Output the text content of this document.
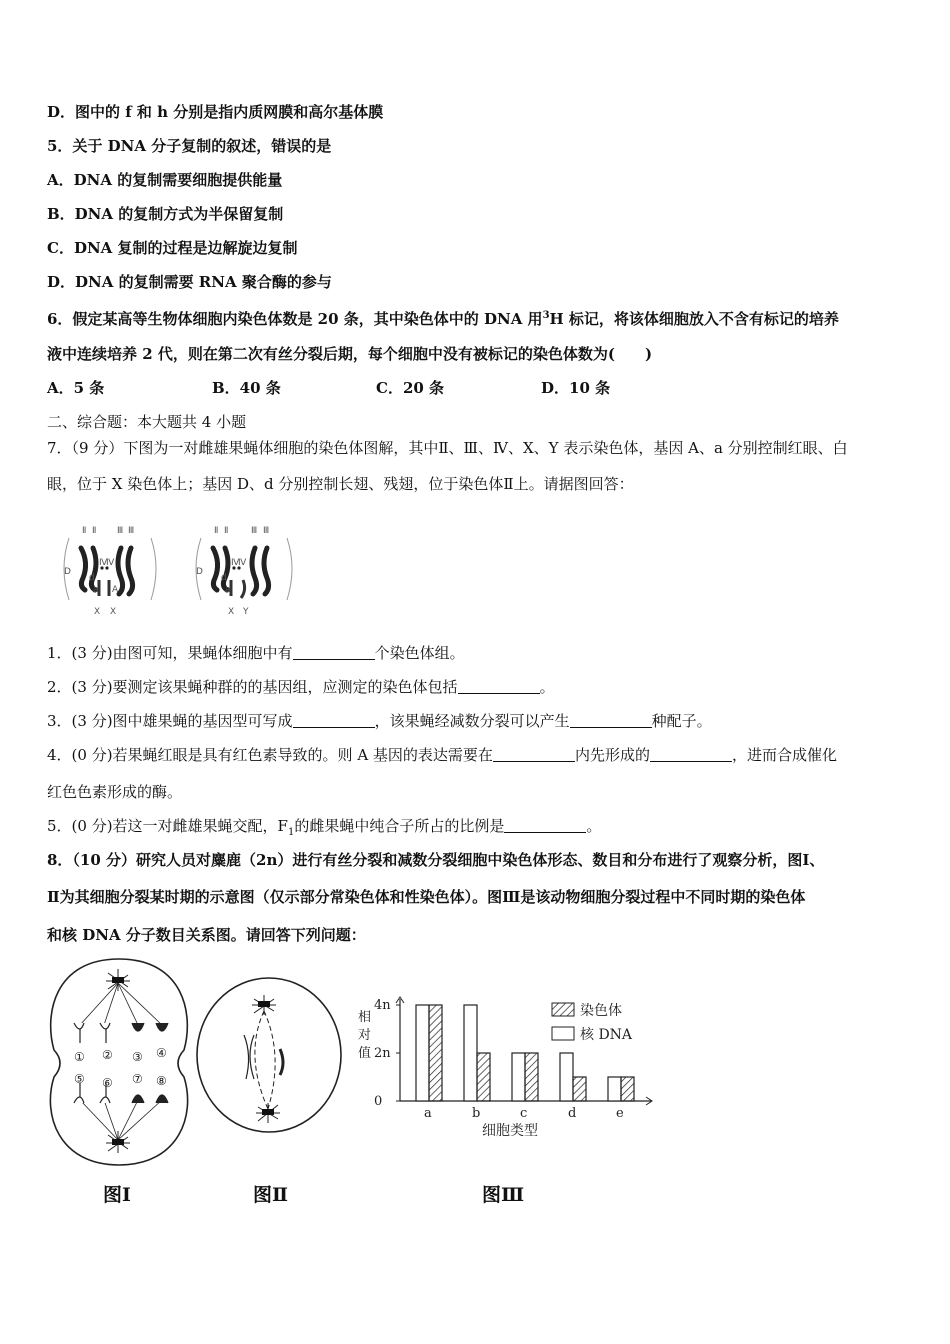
D．图中的 f 和 h 分别是指内质网膜和高尔基体膜
5．关于 DNA 分子复制的叙述，错误的是
A．DNA 的复制需要细胞提供能量
B．DNA 的复制方式为半保留复制
C．DNA 复制的过程是边解旋边复制
D．DNA 的复制需要 RNA 聚合酶的参与
6．假定某高等生物体细胞内染色体数是 20 条，其中染色体中的 DNA 用$^3$H 标记，将该体细胞放入不含有标记的培养
液中连续培养 2 代，则在第二次有丝分裂后期，每个细胞中没有被标记的染色体数为(　　)
A．5 条	B．40 条	C．20 条	D．10 条
二、综合题：本大题共 4 小题
7．（9 分）下图为一对雌雄果蝇体细胞的染色体图解，其中Ⅱ、Ⅲ、Ⅳ、X、Y 表示染色体，基因 A、a 分别控制红眼、白
眼，位于 X 染色体上；基因 D、d 分别控制长翅、残翅，位于染色体Ⅱ上。请据图回答：
Ⅱ Ⅱ Ⅲ Ⅲ
D
d
Ⅳ
Ⅳ
a A
X X
Ⅱ Ⅱ	Ⅲ Ⅲ
D
d
Ⅳ
Ⅳ
a
X Y
1．(3 分)由图可知，果蝇体细胞中有	个染色体组。
2．(3 分)要测定该果蝇种群的的基因组，应测定的染色体包括	。
3．(3 分)图中雄果蝇的基因型可写成	，该果蝇经减数分裂可以产生	种配子。
4．(0 分)若果蝇红眼是具有红色素导致的。则 A 基因的表达需要在	内先形成的	，进而合成催化
红色色素形成的酶。
5．(0 分)若这一对雌雄果蝇交配，$F_1$的雌果蝇中纯合子所占的比例是	。
8．（10 分）研究人员对麋鹿（2n）进行有丝分裂和减数分裂细胞中染色体形态、数目和分布进行了观察分析，图Ⅰ、
Ⅱ为其细胞分裂某时期的示意图（仅示部分常染色体和性染色体）。图Ⅲ是该动物细胞分裂过程中不同时期的染色体
和核 DNA 分子数目关系图。请回答下列问题：
① ② ③ ④
⑤ ⑥ ⑦ ⑧
图Ⅰ	图Ⅱ
相
对
值
0
2n
4n
a	b	c	d	e
细胞类型
染色体
核 DNA
图Ⅲ
